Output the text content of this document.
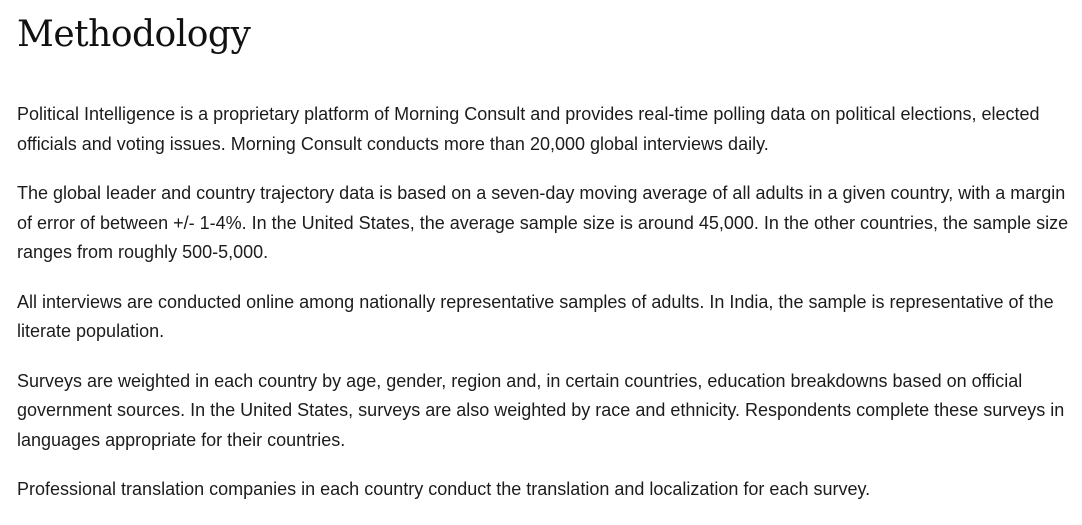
Methodology

Political Intelligence is a proprietary platform of Morning Consult and provides real-time polling data on political elections, elected officials and voting issues. Morning Consult conducts more than 20,000 global interviews daily.

The global leader and country trajectory data is based on a seven-day moving average of all adults in a given country, with a margin of error of between +/- 1-4%. In the United States, the average sample size is around 45,000. In the other countries, the sample size ranges from roughly 500-5,000.

All interviews are conducted online among nationally representative samples of adults. In India, the sample is representative of the literate population.

Surveys are weighted in each country by age, gender, region and, in certain countries, education breakdowns based on official government sources. In the United States, surveys are also weighted by race and ethnicity. Respondents complete these surveys in languages appropriate for their countries.

Professional translation companies in each country conduct the translation and localization for each survey.
